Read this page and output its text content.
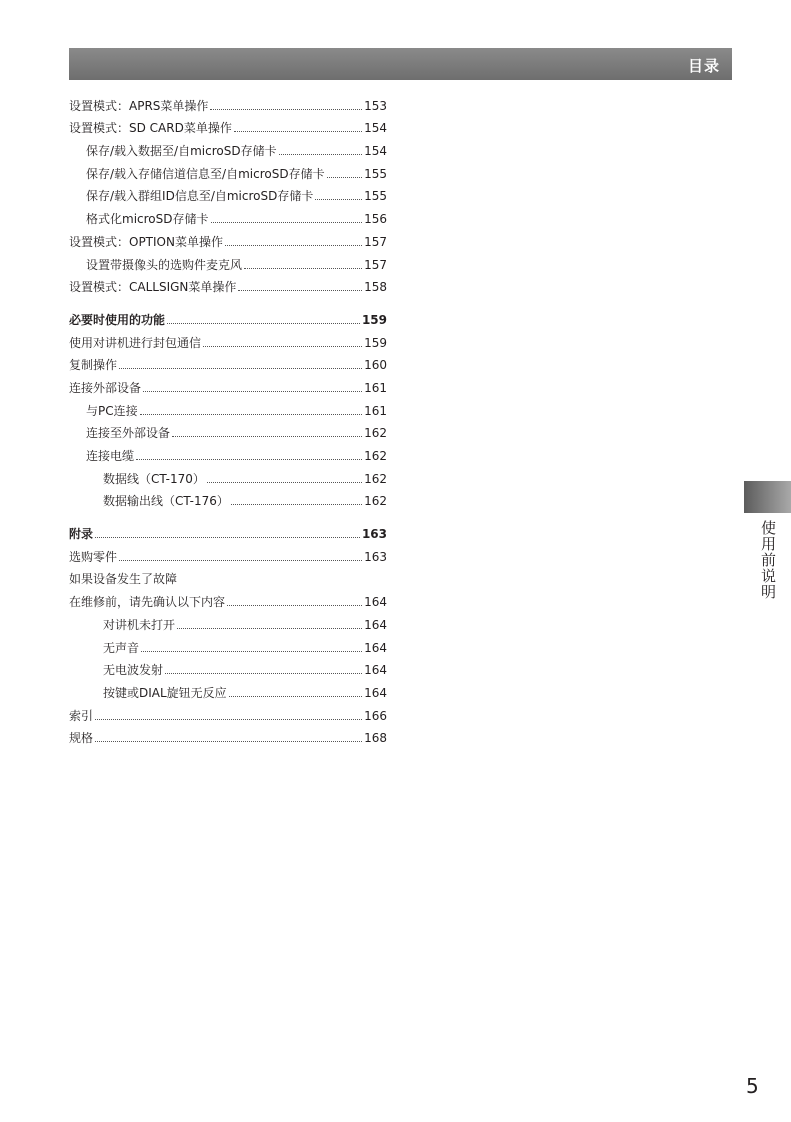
目录
设置模式：APRS菜单操作	153
设置模式：SD CARD菜单操作	154
保存/载入数据至/自microSD存储卡	154
保存/载入存储信道信息至/自microSD存储卡	155
保存/载入群组ID信息至/自microSD存储卡	155
格式化microSD存储卡	156
设置模式：OPTION菜单操作	157
设置带摄像头的选购件麦克风	157
设置模式：CALLSIGN菜单操作	158
必要时使用的功能	159
使用对讲机进行封包通信	159
复制操作	160
连接外部设备	161
与PC连接	161
连接至外部设备	162
连接电缆	162
数据线（CT-170）	162
数据输出线（CT-176）	162
附录	163
选购零件	163
如果设备发生了故障
在维修前，请先确认以下内容	164
对讲机未打开	164
无声音	164
无电波发射	164
按键或DIAL旋钮无反应	164
索引	166
规格	168
使用前说明
5
